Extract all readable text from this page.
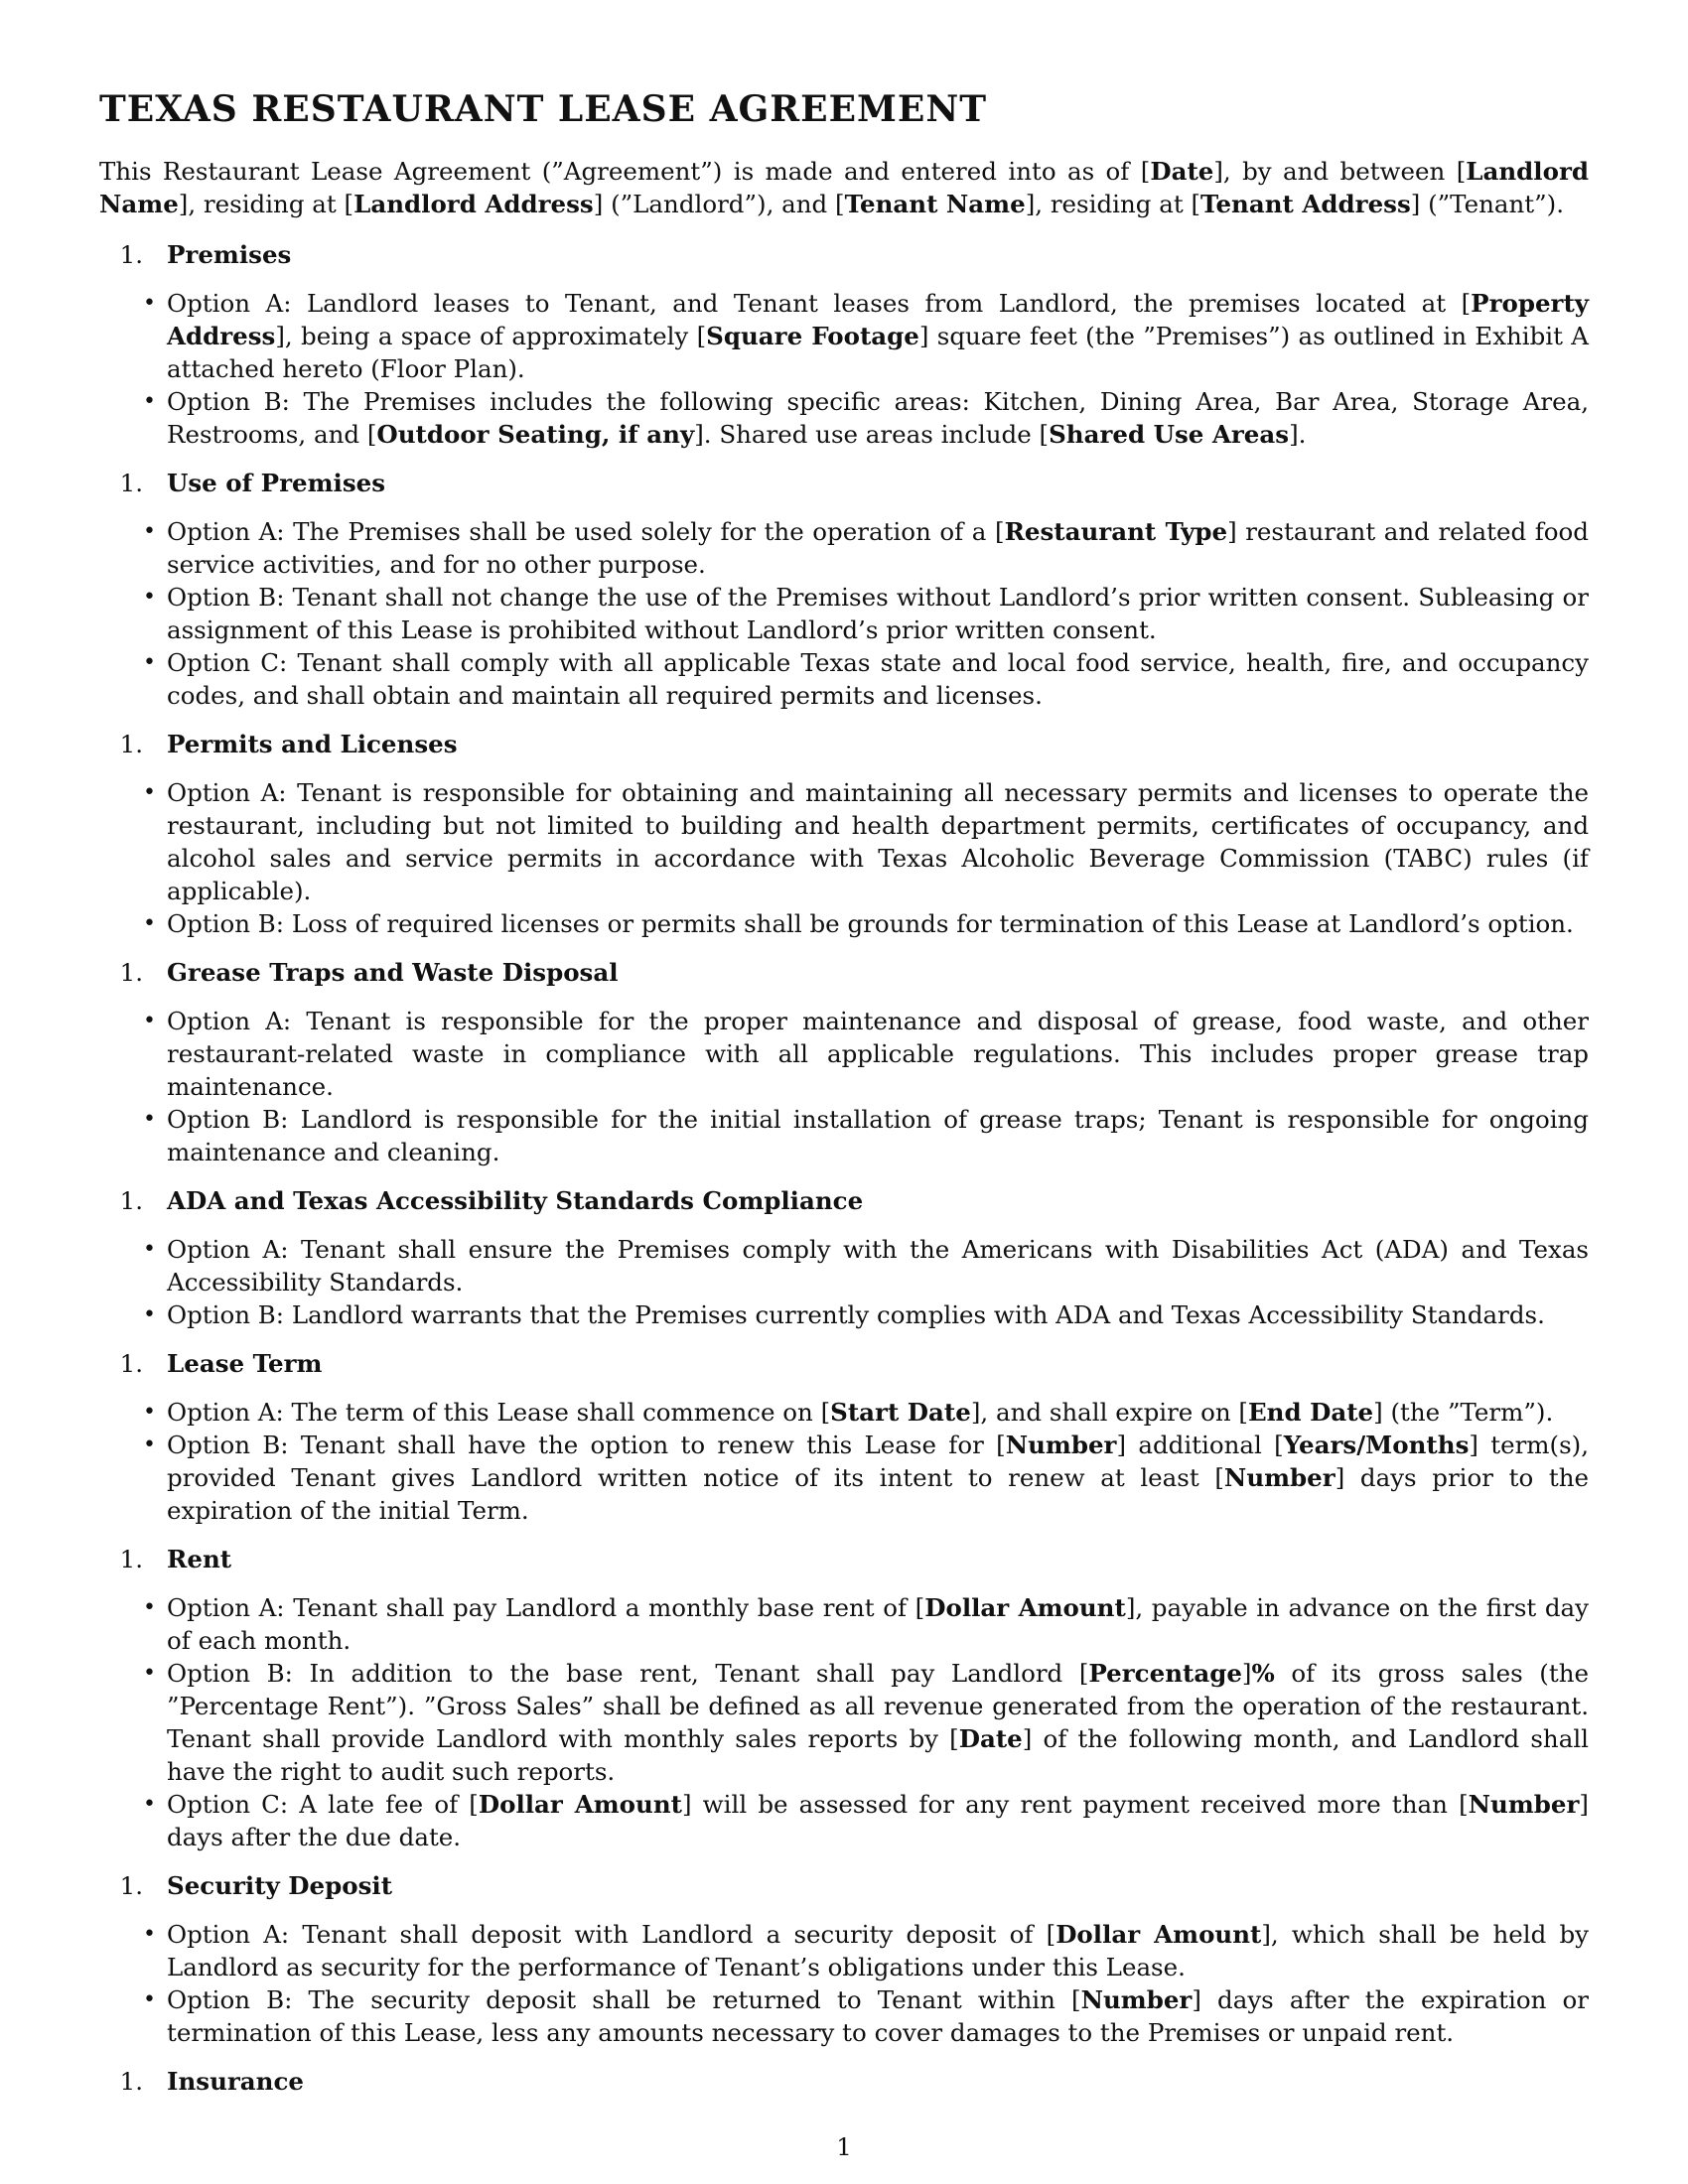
TEXAS RESTAURANT LEASE AGREEMENT

This Restaurant Lease Agreement (”Agreement”) is made and entered into as of [Date], by and between [Landlord Name], residing at [Landlord Address] (”Landlord”), and [Tenant Name], residing at [Tenant Address] (”Tenant”).

1. Premises
• Option A: Landlord leases to Tenant, and Tenant leases from Landlord, the premises located at [Property Address], being a space of approximately [Square Footage] square feet (the ”Premises”) as outlined in Exhibit A attached hereto (Floor Plan).
• Option B: The Premises includes the following specific areas: Kitchen, Dining Area, Bar Area, Storage Area, Restrooms, and [Outdoor Seating, if any]. Shared use areas include [Shared Use Areas].
1. Use of Premises
• Option A: The Premises shall be used solely for the operation of a [Restaurant Type] restaurant and related food service activities, and for no other purpose.
• Option B: Tenant shall not change the use of the Premises without Landlord’s prior written consent. Subleasing or assignment of this Lease is prohibited without Landlord’s prior written consent.
• Option C: Tenant shall comply with all applicable Texas state and local food service, health, fire, and occupancy codes, and shall obtain and maintain all required permits and licenses.
1. Permits and Licenses
• Option A: Tenant is responsible for obtaining and maintaining all necessary permits and licenses to operate the restaurant, including but not limited to building and health department permits, certificates of occupancy, and alcohol sales and service permits in accordance with Texas Alcoholic Beverage Commission (TABC) rules (if applicable).
• Option B: Loss of required licenses or permits shall be grounds for termination of this Lease at Landlord’s option.
1. Grease Traps and Waste Disposal
• Option A: Tenant is responsible for the proper maintenance and disposal of grease, food waste, and other restaurant-related waste in compliance with all applicable regulations. This includes proper grease trap maintenance.
• Option B: Landlord is responsible for the initial installation of grease traps; Tenant is responsible for ongoing maintenance and cleaning.
1. ADA and Texas Accessibility Standards Compliance
• Option A: Tenant shall ensure the Premises comply with the Americans with Disabilities Act (ADA) and Texas Accessibility Standards.
• Option B: Landlord warrants that the Premises currently complies with ADA and Texas Accessibility Standards.
1. Lease Term
• Option A: The term of this Lease shall commence on [Start Date], and shall expire on [End Date] (the ”Term”).
• Option B: Tenant shall have the option to renew this Lease for [Number] additional [Years/Months] term(s), provided Tenant gives Landlord written notice of its intent to renew at least [Number] days prior to the expiration of the initial Term.
1. Rent
• Option A: Tenant shall pay Landlord a monthly base rent of [Dollar Amount], payable in advance on the first day of each month.
• Option B: In addition to the base rent, Tenant shall pay Landlord [Percentage]% of its gross sales (the ”Percentage Rent”). ”Gross Sales” shall be defined as all revenue generated from the operation of the restaurant. Tenant shall provide Landlord with monthly sales reports by [Date] of the following month, and Landlord shall have the right to audit such reports.
• Option C: A late fee of [Dollar Amount] will be assessed for any rent payment received more than [Number] days after the due date.
1. Security Deposit
• Option A: Tenant shall deposit with Landlord a security deposit of [Dollar Amount], which shall be held by Landlord as security for the performance of Tenant’s obligations under this Lease.
• Option B: The security deposit shall be returned to Tenant within [Number] days after the expiration or termination of this Lease, less any amounts necessary to cover damages to the Premises or unpaid rent.
1. Insurance
1
